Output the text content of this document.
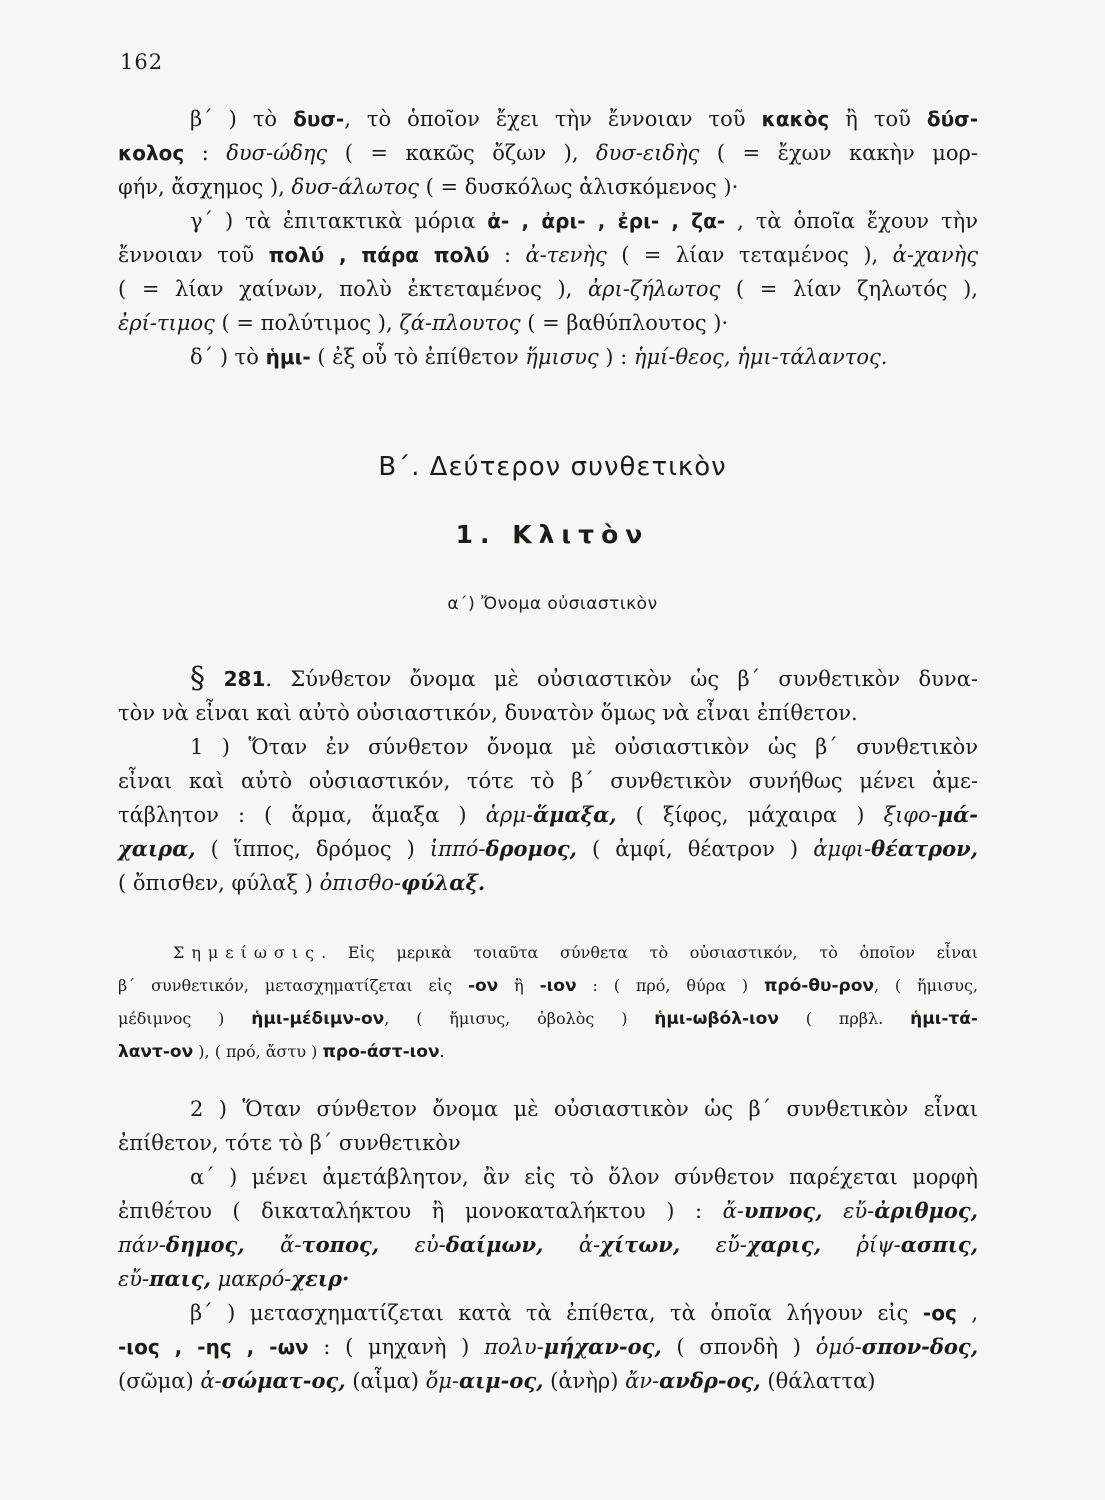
162
β΄ ) τὸ δυσ-, τὸ ὁποῖον ἔχει τὴν ἔννοιαν τοῦ κακὸς ἢ τοῦ δύσ-
κολος : δυσ-ώδης ( = κακῶς ὄζων ), δυσ-ειδὴς ( = ἔχων κακὴν μορ-
φήν, ἄσχημος ), δυσ-άλωτος ( = δυσκόλως ἁλισκόμενος )·
γ΄ ) τὰ ἐπιτακτικὰ μόρια ἀ- , ἀρι- , ἐρι- , ζα- , τὰ ὁποῖα ἔχουν τὴν
ἔννοιαν τοῦ πολύ , πάρα πολύ : ἀ-τενὴς ( = λίαν τεταμένος ), ἀ-χανὴς
( = λίαν χαίνων, πολὺ ἐκτεταμένος ), ἀρι-ζήλωτος ( = λίαν ζηλωτός ),
ἐρί-τιμος ( = πολύτιμος ), ζά-πλουτος ( = βαθύπλουτος )·
δ΄ ) τὸ ἡμι- ( ἐξ οὗ τὸ ἐπίθετον ἥμισυς ) : ἡμί-θεος, ἡμι-τάλαντος.
Β΄. Δεύτερον συνθετικὸν
1. Κλιτὸν
α΄) Ὄνομα οὐσιαστικὸν
§ 281. Σύνθετον ὄνομα μὲ οὐσιαστικὸν ὡς β΄ συνθετικὸν δυνα-
τὸν νὰ εἶναι καὶ αὐτὸ οὐσιαστικόν, δυνατὸν ὅμως νὰ εἶναι ἐπίθετον.
1 ) Ὅταν ἐν σύνθετον ὄνομα μὲ οὐσιαστικὸν ὡς β΄ συνθετικὸν
εἶναι καὶ αὐτὸ οὐσιαστικόν, τότε τὸ β΄ συνθετικὸν συνήθως μένει ἀμε-
τάβλητον : ( ἅρμα, ἅμαξα ) ἁρμ-ἅμαξα, ( ξίφος, μάχαιρα ) ξιφο-μά-
χαιρα, ( ἵππος, δρόμος ) ἱππό-δρομος, ( ἀμφί, θέατρον ) ἀμφι-θέατρον,
( ὄπισθεν, φύλαξ ) ὀπισθο-φύλαξ.
Σημείωσις. Εἰς μερικὰ τοιαῦτα σύνθετα τὸ οὐσιαστικόν, τὸ ὁποῖον εἶναι
β΄ συνθετικόν, μετασχηματίζεται εἰς -ον ἢ -ιον : ( πρό, θύρα ) πρό-θυ-ρον, ( ἥμισυς,
μέδιμνος ) ἡμι-μέδιμν-ον, ( ἥμισυς, ὀβολὸς ) ἡμι-ωβόλ-ιον ( πρβλ. ἡμι-τά-
λαντ-ον ), ( πρό, ἄστυ ) προ-άστ-ιον.
2 ) Ὅταν σύνθετον ὄνομα μὲ οὐσιαστικὸν ὡς β΄ συνθετικὸν εἶναι
ἐπίθετον, τότε τὸ β΄ συνθετικὸν
α΄ ) μένει ἀμετάβλητον, ἂν εἰς τὸ ὅλον σύνθετον παρέχεται μορφὴ
ἐπιθέτου ( δικαταλήκτου ἢ μονοκαταλήκτου ) : ἄ-υπνος, εὔ-ἀριθμος,
πάν-δημος, ἄ-τοπος, εὐ-δαίμων, ἀ-χίτων, εὔ-χαρις, ῥίψ-ασπις,
εὔ-παις, μακρό-χειρ·
β΄ ) μετασχηματίζεται κατὰ τὰ ἐπίθετα, τὰ ὁποῖα λήγουν εἰς -ος ,
-ιος , -ης , -ων : ( μηχανὴ ) πολυ-μήχαν-ος, ( σπονδὴ ) ὁμό-σπον-δος,
(σῶμα) ἀ-σώματ-ος, (αἷμα) ὅμ-αιμ-ος, (ἀνὴρ) ἄν-ανδρ-ος, (θάλαττα)
